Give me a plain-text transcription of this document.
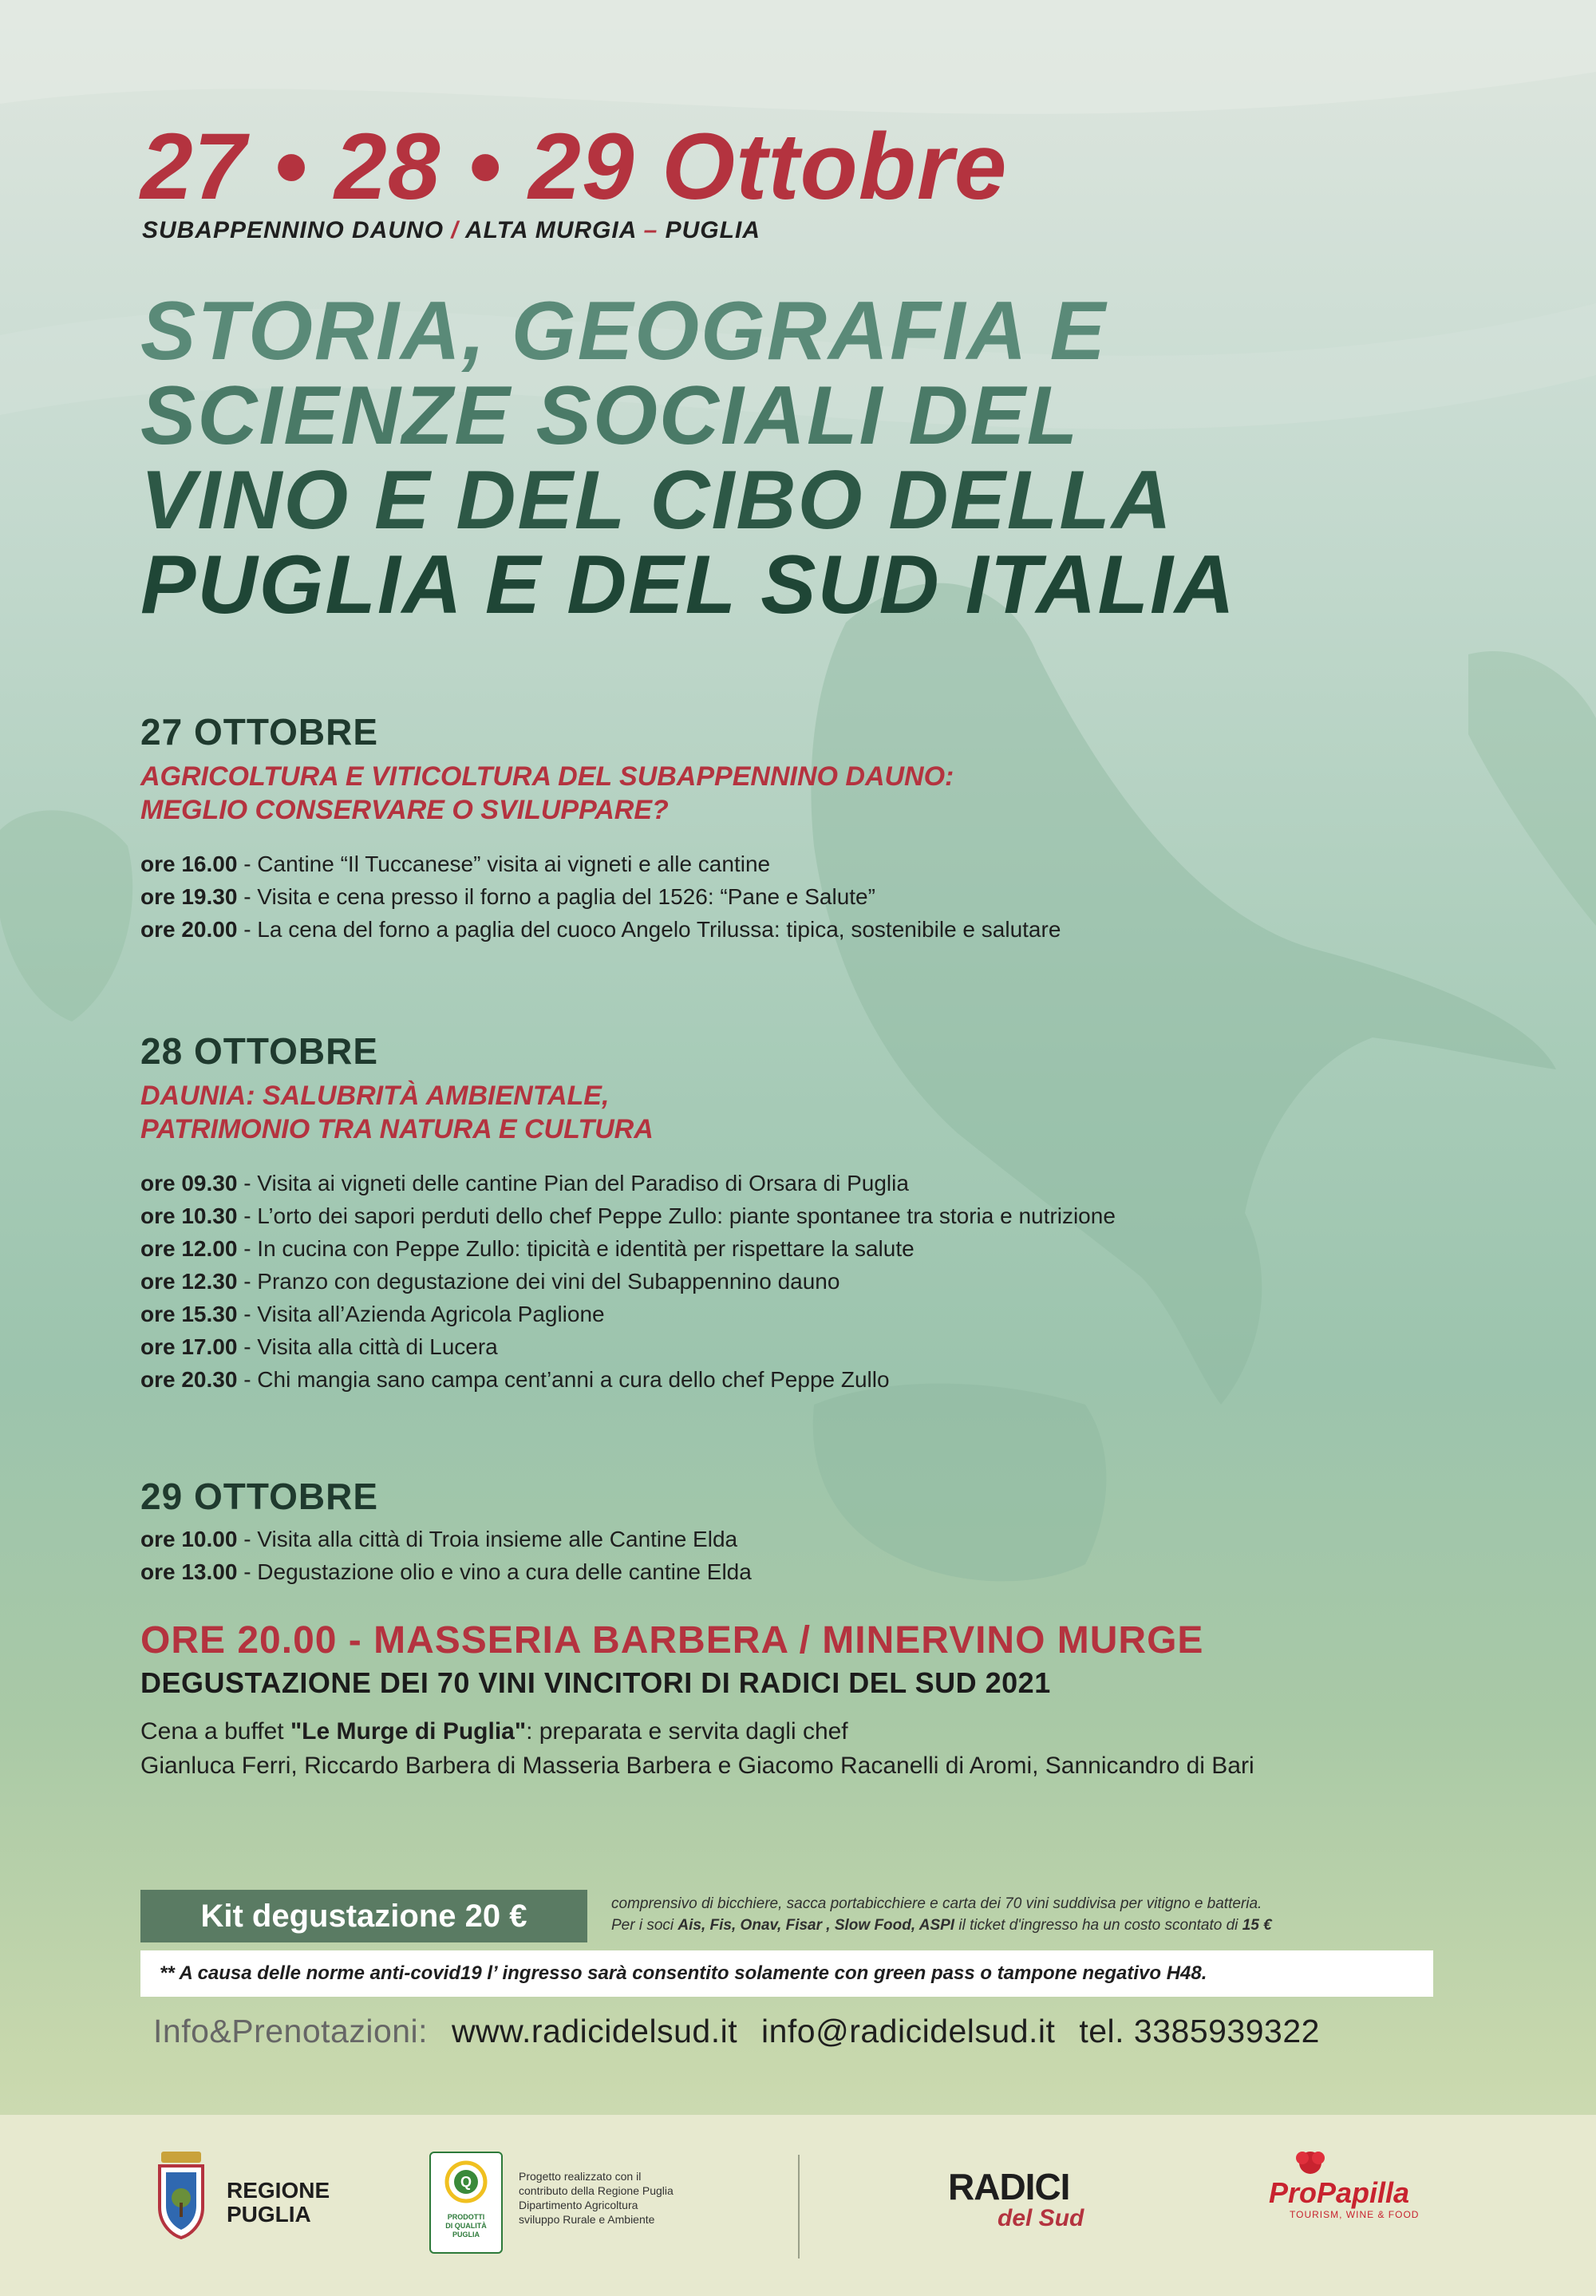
27 • 28 • 29 Ottobre
SUBAPPENNINO DAUNO / ALTA MURGIA – PUGLIA
STORIA, GEOGRAFIA E
SCIENZE SOCIALI DEL
VINO E DEL CIBO DELLA
PUGLIA E DEL SUD ITALIA
27 OTTOBRE
AGRICOLTURA E VITICOLTURA DEL SUBAPPENNINO DAUNO:
MEGLIO CONSERVARE O SVILUPPARE?
ore 16.00 - Cantine “Il Tuccanese” visita ai vigneti e alle cantine
ore 19.30 - Visita e cena presso il forno a paglia del 1526: “Pane e Salute”
ore 20.00 - La cena del forno a paglia del cuoco Angelo Trilussa: tipica, sostenibile e salutare
28 OTTOBRE
DAUNIA: SALUBRITÀ AMBIENTALE,
PATRIMONIO TRA NATURA E CULTURA
ore 09.30 - Visita ai vigneti delle cantine Pian del Paradiso di Orsara di Puglia
ore 10.30 - L’orto dei sapori perduti dello chef Peppe Zullo: piante spontanee tra storia e nutrizione
ore 12.00 - In cucina con Peppe Zullo: tipicità e identità per rispettare la salute
ore 12.30 - Pranzo con degustazione dei vini del Subappennino dauno
ore 15.30 - Visita all’Azienda Agricola Paglione
ore 17.00 - Visita alla città di Lucera
ore 20.30 - Chi mangia sano campa cent’anni a cura dello chef Peppe Zullo
29 OTTOBRE
ore 10.00 - Visita alla città di Troia insieme alle Cantine Elda
ore 13.00 - Degustazione olio e vino a cura delle cantine Elda
ORE 20.00 - MASSERIA BARBERA / MINERVINO MURGE
DEGUSTAZIONE DEI 70 VINI VINCITORI DI RADICI DEL SUD 2021
Cena a buffet "Le Murge di Puglia": preparata e servita dagli chef
Gianluca Ferri, Riccardo Barbera di Masseria Barbera e Giacomo Racanelli di Aromi, Sannicandro di Bari
Kit degustazione 20 €	comprensivo di bicchiere, sacca portabicchiere e carta dei 70 vini suddivisa per vitigno e batteria.
Per i soci Ais, Fis, Onav, Fisar , Slow Food, ASPI il ticket d'ingresso ha un costo scontato di 15 €
** A causa delle norme anti-covid19 l’ ingresso sarà consentito solamente con green pass o tampone negativo H48.
Info&Prenotazioni: www.radicidelsud.it info@radicidelsud.it tel. 3385939322
REGIONE
PUGLIA
Q
PRODOTTI
DI QUALITÀ
PUGLIA
Progetto realizzato con il
contributo della Regione Puglia
Dipartimento Agricoltura
sviluppo Rurale e Ambiente
RADICI
del Sud
ProPapilla
TOURISM, WINE & FOOD
